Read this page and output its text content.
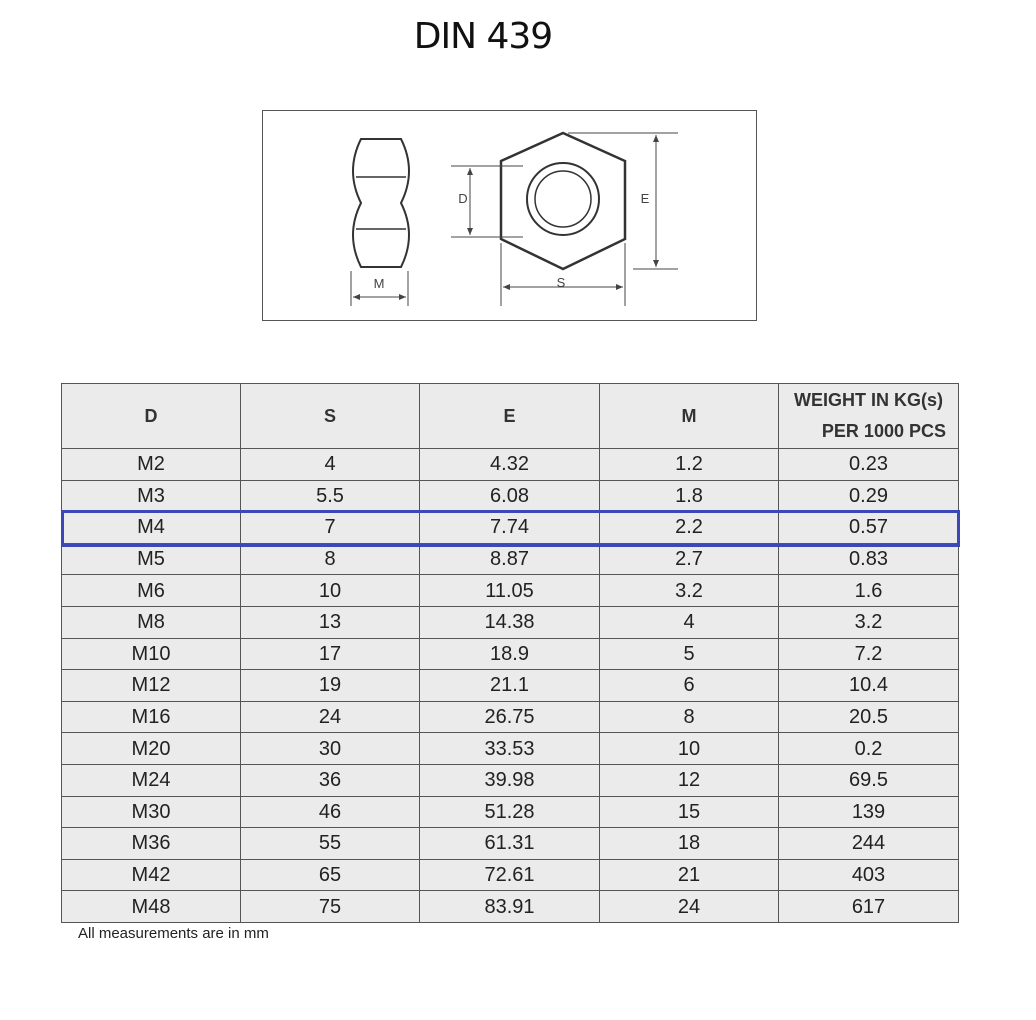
DIN 439
M	S
D	E
D	S	E	M	WEIGHT IN KG(s)
PER 1000 PCS

M2	4	4.32	1.2	0.23
M3	5.5	6.08	1.8	0.29
M4	7	7.74	2.2	0.57
M5	8	8.87	2.7	0.83
M6	10	11.05	3.2	1.6
M8	13	14.38	4	3.2
M10	17	18.9	5	7.2
M12	19	21.1	6	10.4
M16	24	26.75	8	20.5
M20	30	33.53	10	0.2
M24	36	39.98	12	69.5
M30	46	51.28	15	139
M36	55	61.31	18	244
M42	65	72.61	21	403
M48	75	83.91	24	617
All measurements are in mm
